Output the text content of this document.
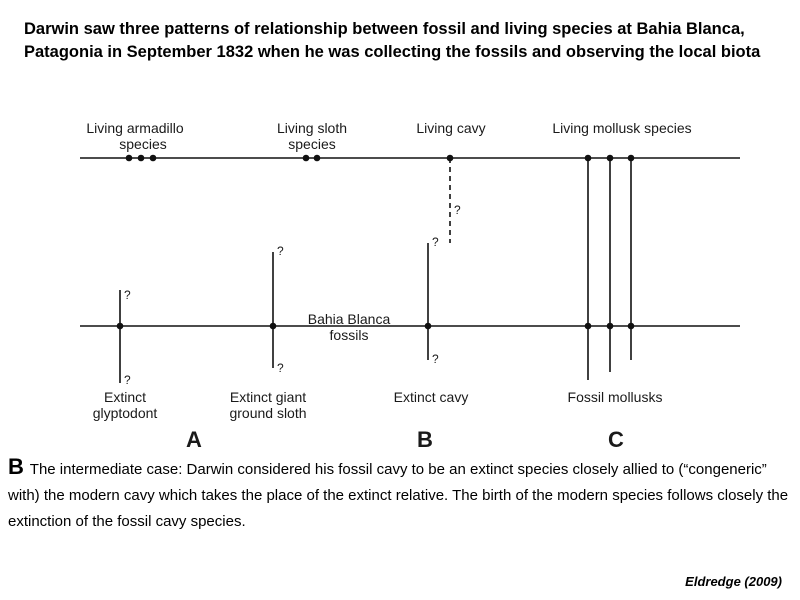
Darwin saw three patterns of relationship between fossil and living species at Bahia Blanca, Patagonia in September 1832 when he was collecting the fossils and observing the local biota

Living armadillo
species
Living sloth
species
Living cavy	Living mollusk species
?
?
?
?
?
?
?
Bahia Blanca
fossils
Extinct
glyptodont
Extinct giant
ground sloth
Extinct cavy	Fossil mollusks
A	B	C

B The intermediate case: Darwin considered his fossil cavy to be an extinct species closely allied to (“congeneric” with) the modern cavy which takes the place of the extinct relative. The birth of the modern species follows closely the extinction of the fossil cavy species.

Eldredge (2009)
